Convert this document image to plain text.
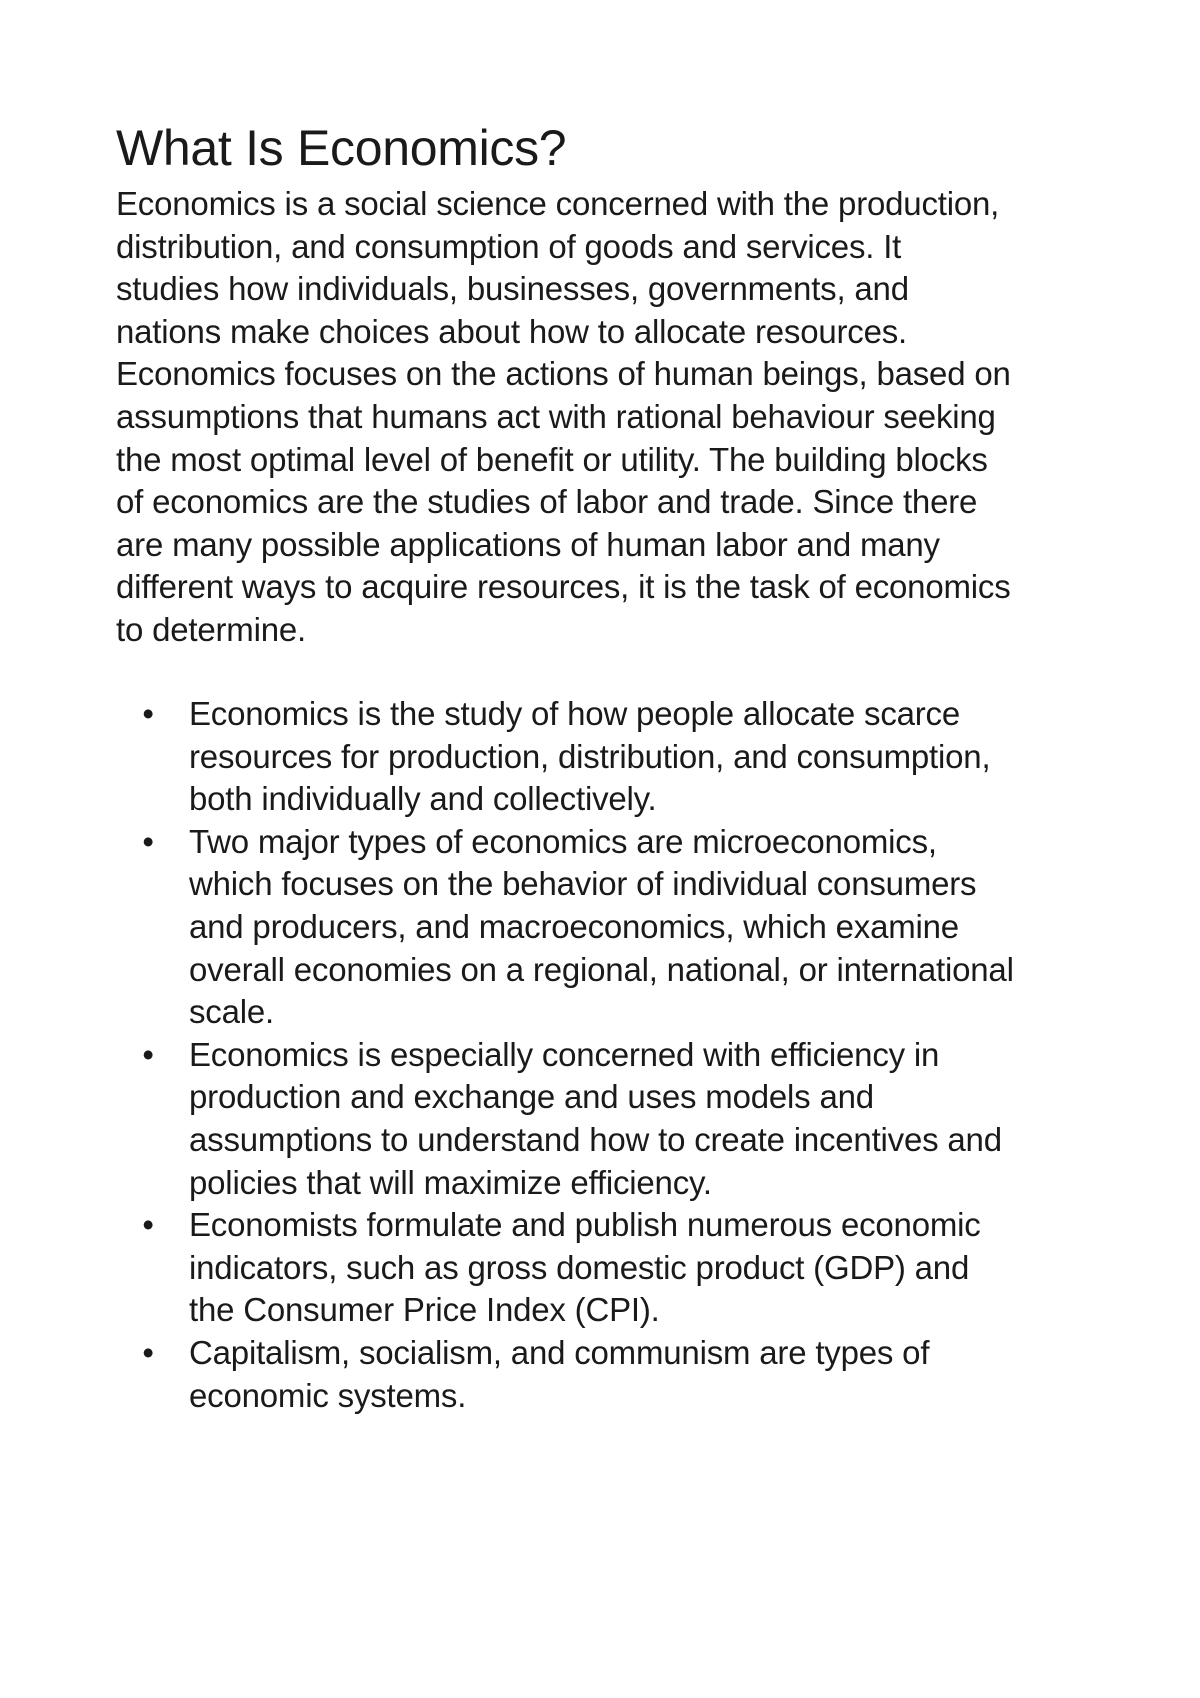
What Is Economics?

Economics is a social science concerned with the production,
distribution, and consumption of goods and services. It
studies how individuals, businesses, governments, and
nations make choices about how to allocate resources.
Economics focuses on the actions of human beings, based on
assumptions that humans act with rational behaviour seeking
the most optimal level of benefit or utility. The building blocks
of economics are the studies of labor and trade. Since there
are many possible applications of human labor and many
different ways to acquire resources, it is the task of economics
to determine.

• Economics is the study of how people allocate scarce
resources for production, distribution, and consumption,
both individually and collectively.
• Two major types of economics are microeconomics,
which focuses on the behavior of individual consumers
and producers, and macroeconomics, which examine
overall economies on a regional, national, or international
scale.
• Economics is especially concerned with efficiency in
production and exchange and uses models and
assumptions to understand how to create incentives and
policies that will maximize efficiency.
• Economists formulate and publish numerous economic
indicators, such as gross domestic product (GDP) and
the Consumer Price Index (CPI).
• Capitalism, socialism, and communism are types of
economic systems.
